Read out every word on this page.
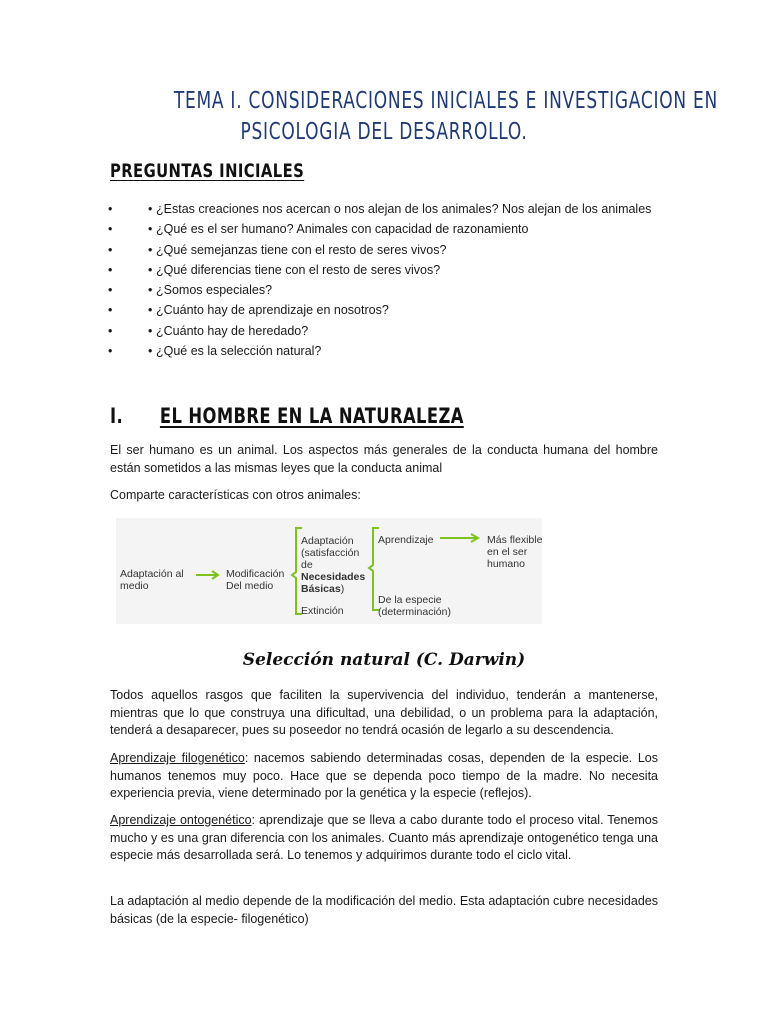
TEMA I. CONSIDERACIONES INICIALES E INVESTIGACION EN
PSICOLOGIA DEL DESARROLLO.
PREGUNTAS INICIALES
• • ¿Estas creaciones nos acercan o nos alejan de los animales? Nos alejan de los animales
• • ¿Qué es el ser humano? Animales con capacidad de razonamiento
• • ¿Qué semejanzas tiene con el resto de seres vivos?
• • ¿Qué diferencias tiene con el resto de seres vivos?
• • ¿Somos especiales?
• • ¿Cuánto hay de aprendizaje en nosotros?
• • ¿Cuánto hay de heredado?
• • ¿Qué es la selección natural?
I. EL HOMBRE EN LA NATURALEZA

El ser humano es un animal. Los aspectos más generales de la conducta humana del hombre están sometidos a las mismas leyes que la conducta animal

Comparte características con otros animales:

Adaptación al
medio
Modificación
Del medio
Adaptación
(satisfacción
de
Necesidades
Básicas)
Extinción
Aprendizaje
De la especie
(determinación)
Más flexible
en el ser
humano
Selección natural (C. Darwin)

Todos aquellos rasgos que faciliten la supervivencia del individuo, tenderán a mantenerse, mientras que lo que construya una dificultad, una debilidad, o un problema para la adaptación, tenderá a desaparecer, pues su poseedor no tendrá ocasión de legarlo a su descendencia.

Aprendizaje filogenético: nacemos sabiendo determinadas cosas, dependen de la especie. Los humanos tenemos muy poco. Hace que se dependa poco tiempo de la madre. No necesita experiencia previa, viene determinado por la genética y la especie (reflejos).

Aprendizaje ontogenético: aprendizaje que se lleva a cabo durante todo el proceso vital. Tenemos mucho y es una gran diferencia con los animales. Cuanto más aprendizaje ontogenético tenga una especie más desarrollada será. Lo tenemos y adquirimos durante todo el ciclo vital.

La adaptación al medio depende de la modificación del medio. Esta adaptación cubre necesidades básicas (de la especie- filogenético)
